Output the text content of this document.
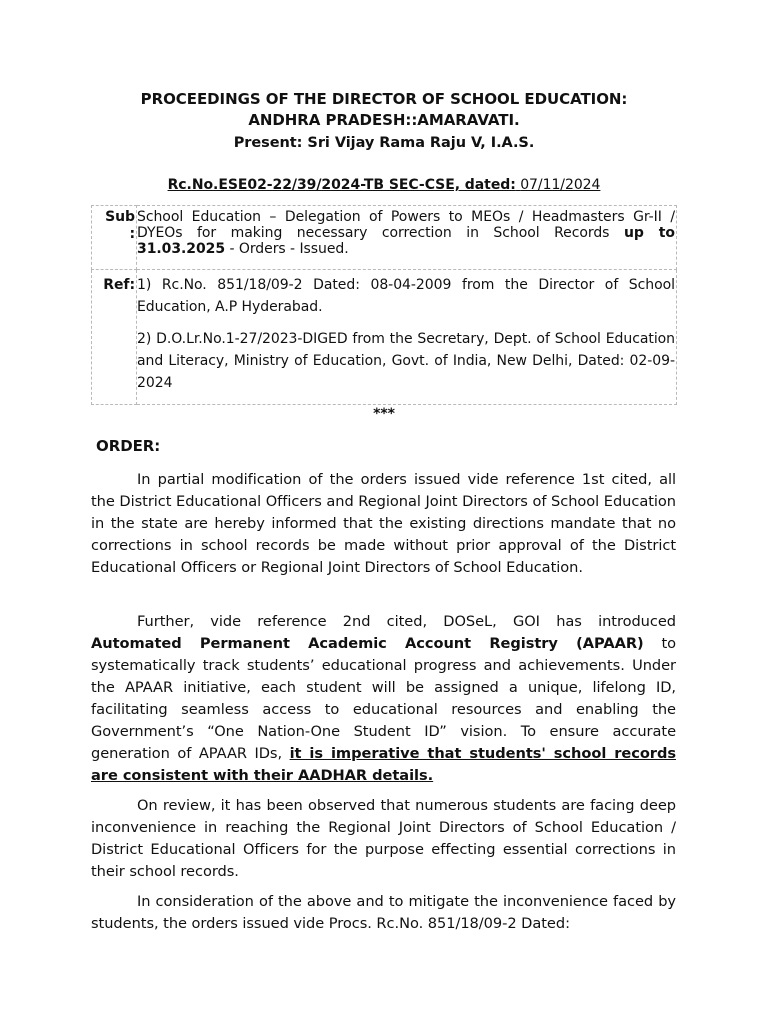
PROCEEDINGS OF THE DIRECTOR OF SCHOOL EDUCATION:
ANDHRA PRADESH::AMARAVATI.
Present: Sri Vijay Rama Raju V, I.A.S.
Rc.No.ESE02-22/39/2024-TB SEC-CSE, dated: 07/11/2024
Sub
:	School Education – Delegation of Powers to MEOs / Headmasters Gr-II / DYEOs for making necessary correction in School Records up to 31.03.2025 - Orders - Issued.

Ref:	1) Rc.No. 851/18/09-2 Dated: 08-04-2009 from the Director of School Education, A.P Hyderabad.

2) D.O.Lr.No.1-27/2023-DIGED from the Secretary, Dept. of School Education and Literacy, Ministry of Education, Govt. of India, New Delhi, Dated: 02-09-2024

***
ORDER:

In partial modification of the orders issued vide reference 1st cited, all the District Educational Officers and Regional Joint Directors of School Education in the state are hereby informed that the existing directions mandate that no corrections in school records be made without prior approval of the District Educational Officers or Regional Joint Directors of School Education.

Further, vide reference 2nd cited, DOSeL, GOI has introduced Automated Permanent Academic Account Registry (APAAR) to systematically track students’ educational progress and achievements. Under the APAAR initiative, each student will be assigned a unique, lifelong ID, facilitating seamless access to educational resources and enabling the Government’s “One Nation-One Student ID” vision. To ensure accurate generation of APAAR IDs, it is imperative that students' school records are consistent with their AADHAR details.

On review, it has been observed that numerous students are facing deep inconvenience in reaching the Regional Joint Directors of School Education / District Educational Officers for the purpose effecting essential corrections in their school records.

In consideration of the above and to mitigate the inconvenience faced by students, the orders issued vide Procs. Rc.No. 851/18/09-2 Dated:
